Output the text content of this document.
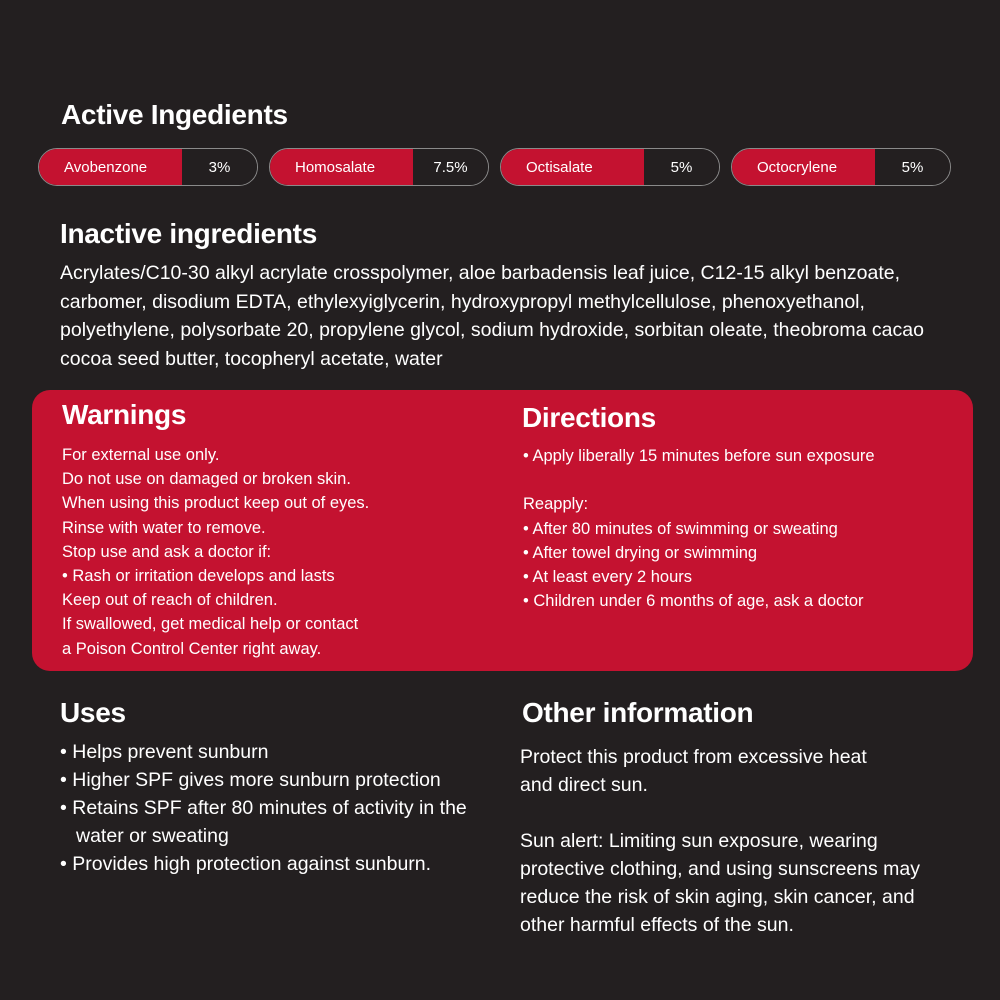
Active Ingedients
Avobenzone	3%	Homosalate	7.5%	Octisalate	5%	Octocrylene	5%
Inactive ingredients

Acrylates/C10-30 alkyl acrylate crosspolymer, aloe barbadensis leaf juice, C12-15 alkyl benzoate, carbomer, disodium EDTA, ethylexyiglycerin, hydroxypropyl methylcellulose, phenoxyethanol, polyethylene, polysorbate 20, propylene glycol, sodium hydroxide, sorbitan oleate, theobroma cacao cocoa seed butter, tocopheryl acetate, water

Warnings
For external use only.
Do not use on damaged or broken skin.
When using this product keep out of eyes.
Rinse with water to remove.
Stop use and ask a doctor if:
• Rash or irritation develops and lasts
Keep out of reach of children.
If swallowed, get medical help or contact
a Poison Control Center right away.
Directions
• Apply liberally 15 minutes before sun exposure
Reapply:
• After 80 minutes of swimming or sweating
• After towel drying or swimming
• At least every 2 hours
• Children under 6 months of age, ask a doctor
Uses
• Helps prevent sunburn
• Higher SPF gives more sunburn protection
• Retains SPF after 80 minutes of activity in the water or sweating
• Provides high protection against sunburn.
Other information

Protect this product from excessive heat and direct sun.

Sun alert: Limiting sun exposure, wearing protective clothing, and using sunscreens may reduce the risk of skin aging, skin cancer, and other harmful effects of the sun.
